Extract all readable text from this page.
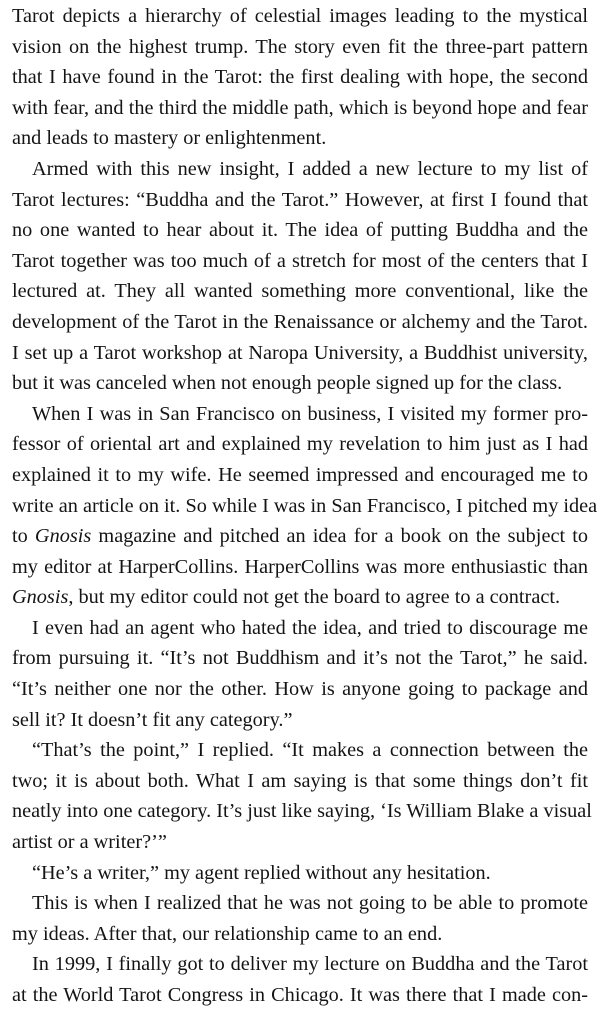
Tarot depicts a hierarchy of celestial images leading to the mystical
vision on the highest trump. The story even fit the three-part pattern
that I have found in the Tarot: the first dealing with hope, the second
with fear, and the third the middle path, which is beyond hope and fear
and leads to mastery or enlightenment.

Armed with this new insight, I added a new lecture to my list of
Tarot lectures: “Buddha and the Tarot.” However, at first I found that
no one wanted to hear about it. The idea of putting Buddha and the
Tarot together was too much of a stretch for most of the centers that I
lectured at. They all wanted something more conventional, like the
development of the Tarot in the Renaissance or alchemy and the Tarot.
I set up a Tarot workshop at Naropa University, a Buddhist university,
but it was canceled when not enough people signed up for the class.

When I was in San Francisco on business, I visited my former pro-
fessor of oriental art and explained my revelation to him just as I had
explained it to my wife. He seemed impressed and encouraged me to
write an article on it. So while I was in San Francisco, I pitched my idea
to Gnosis magazine and pitched an idea for a book on the subject to
my editor at HarperCollins. HarperCollins was more enthusiastic than
Gnosis, but my editor could not get the board to agree to a contract.

I even had an agent who hated the idea, and tried to discourage me
from pursuing it. “It’s not Buddhism and it’s not the Tarot,” he said.
“It’s neither one nor the other. How is anyone going to package and
sell it? It doesn’t fit any category.”

“That’s the point,” I replied. “It makes a connection between the
two; it is about both. What I am saying is that some things don’t fit
neatly into one category. It’s just like saying, ‘Is William Blake a visual
artist or a writer?’”

“He’s a writer,” my agent replied without any hesitation.

This is when I realized that he was not going to be able to promote
my ideas. After that, our relationship came to an end.

In 1999, I finally got to deliver my lecture on Buddha and the Tarot
at the World Tarot Congress in Chicago. It was there that I made con-
